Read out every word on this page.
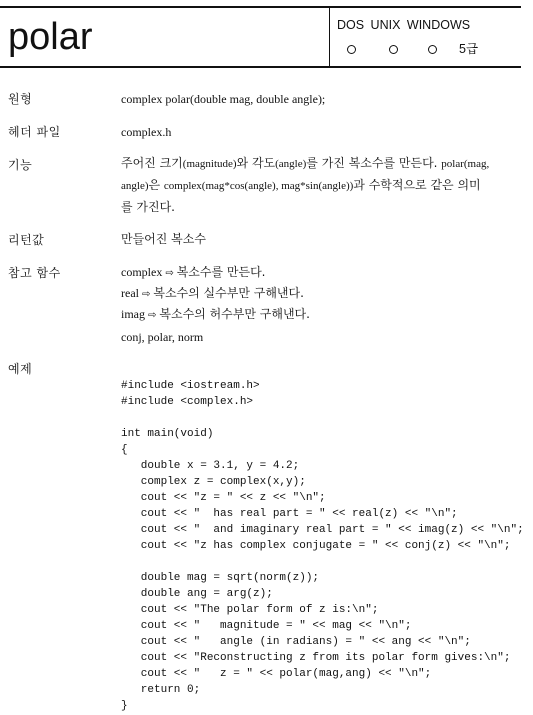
polar	DOS UNIX WINDOWS
5급
원형	complex polar(double mag, double angle);
헤더 파일	complex.h
기능	주어진 크기(magnitude)와 각도(angle)를 가진 복소수를 만든다. polar(mag,
angle)은 complex(mag*cos(angle), mag*sin(angle))과 수학적으로 같은 의미
를 가진다.
리턴값	만들어진 복소수
참고 함수	complex ⇨ 복소수를 만든다.
real ⇨ 복소수의 실수부만 구해낸다.
imag ⇨ 복소수의 허수부만 구해낸다.
conj, polar, norm
예제
#include <iostream.h>
#include <complex.h>

int main(void)
{
double x = 3.1, y = 4.2;
complex z = complex(x,y);
cout << "z = " << z << "\n";
cout << "  has real part = " << real(z) << "\n";
cout << "  and imaginary real part = " << imag(z) << "\n";
cout << "z has complex conjugate = " << conj(z) << "\n";

double mag = sqrt(norm(z));
double ang = arg(z);
cout << "The polar form of z is:\n";
cout << "   magnitude = " << mag << "\n";
cout << "   angle (in radians) = " << ang << "\n";
cout << "Reconstructing z from its polar form gives:\n";
cout << "   z = " << polar(mag,ang) << "\n";
return 0;
}
